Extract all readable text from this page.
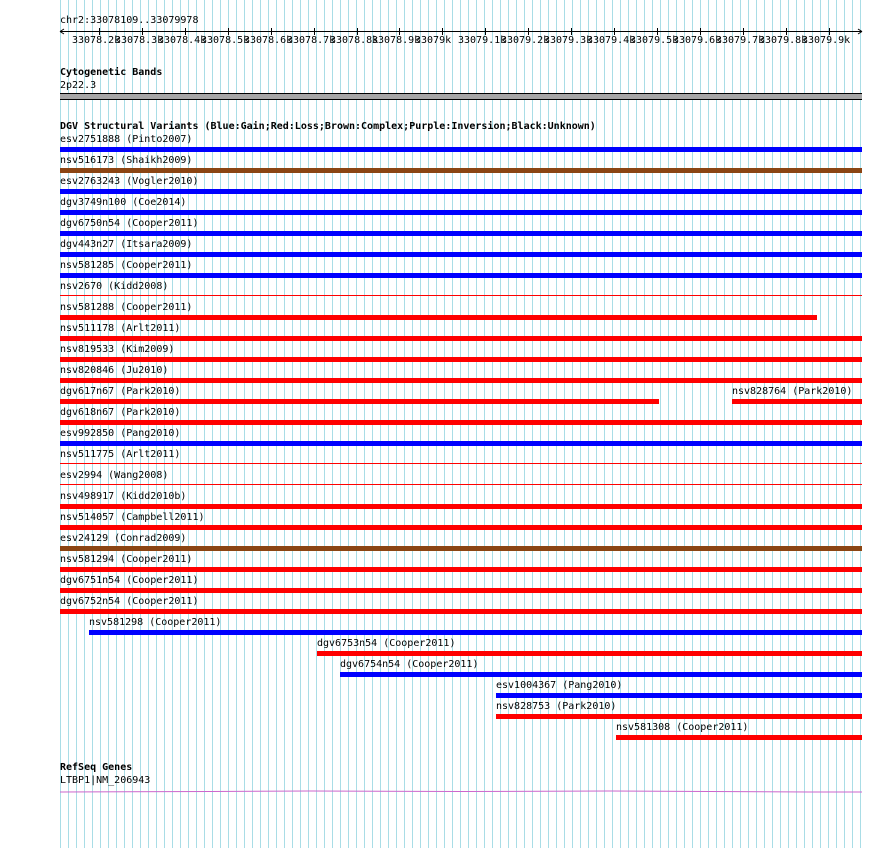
chr2:33078109..33079978
33078.2k
33078.3k
33078.4k
33078.5k
33078.6k
33078.7k
33078.8k
33078.9k
33079k 33079.1k
33079.2k
33079.3k
33079.4k
33079.5k
33079.6k
33079.7k
33079.8k
33079.9k
Cytogenetic Bands
2p22.3
DGV Structural Variants (Blue:Gain;Red:Loss;Brown:Complex;Purple:Inversion;Black:Unknown)
esv2751888 (Pinto2007)
nsv516173 (Shaikh2009)
esv2763243 (Vogler2010)
dgv3749n100 (Coe2014)
dgv6750n54 (Cooper2011)
dgv443n27 (Itsara2009)
nsv581285 (Cooper2011)
nsv2670 (Kidd2008)
nsv581288 (Cooper2011)
nsv511178 (Arlt2011)
nsv819533 (Kim2009)
nsv820846 (Ju2010)
dgv617n67 (Park2010)	nsv828764 (Park2010)
dgv618n67 (Park2010)
esv992850 (Pang2010)
nsv511775 (Arlt2011)
esv2994 (Wang2008)
nsv498917 (Kidd2010b)
nsv514057 (Campbell2011)
esv24129 (Conrad2009)
nsv581294 (Cooper2011)
dgv6751n54 (Cooper2011)
dgv6752n54 (Cooper2011)
nsv581298 (Cooper2011)
dgv6753n54 (Cooper2011)
dgv6754n54 (Cooper2011)
esv1004367 (Pang2010)
nsv828753 (Park2010)
nsv581308 (Cooper2011)
RefSeq Genes
LTBP1|NM_206943
